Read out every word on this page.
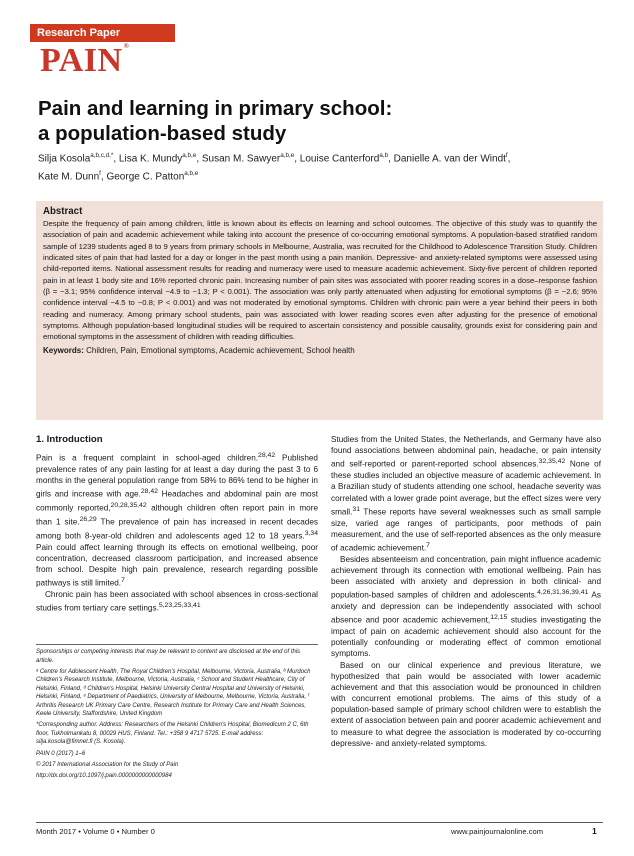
Research Paper
PAIN®
Pain and learning in primary school:
a population-based study
Silja Kosola$^{a,b,c,d,*}$, Lisa K. Mundy$^{a,b,e}$, Susan M. Sawyer$^{a,b,e}$, Louise Canterford$^{a,b}$, Danielle A. van der Windt$^f$,
Kate M. Dunn$^f$, George C. Patton$^{a,b,e}$
Abstract
Despite the frequency of pain among children, little is known about its effects on learning and school outcomes. The objective of this study was to quantify the association of pain and academic achievement while taking into account the presence of co-occurring emotional symptoms. A population-based stratified random sample of 1239 students aged 8 to 9 years from primary schools in Melbourne, Australia, was recruited for the Childhood to Adolescence Transition Study. Children indicated sites of pain that had lasted for a day or longer in the past month using a pain manikin. Depressive- and anxiety-related symptoms were assessed using child-reported items. National assessment results for reading and numeracy were used to measure academic achievement. Sixty-five percent of children reported pain in at least 1 body site and 16% reported chronic pain. Increasing number of pain sites was associated with poorer reading scores in a dose–response fashion (β = −3.1; 95% confidence interval −4.9 to −1.3; P < 0.001). The association was only partly attenuated when adjusting for emotional symptoms (β = −2.6; 95% confidence interval −4.5 to −0.8; P < 0.001) and was not moderated by emotional symptoms. Children with chronic pain were a year behind their peers in both reading and numeracy. Among primary school students, pain was associated with lower reading scores even after adjusting for the presence of emotional symptoms. Although population-based longitudinal studies will be required to ascertain consistency and possible causality, grounds exist for considering pain and emotional symptoms in the assessment of children with reading difficulties.
Keywords: Children, Pain, Emotional symptoms, Academic achievement, School health
1. Introduction

Pain is a frequent complaint in school-aged children.$^{28,42}$ Published prevalence rates of any pain lasting for at least a day during the past 3 to 6 months in the general population range from 58% to 86% tend to be higher in girls and increase with age.$^{28,42}$ Headaches and abdominal pain are most commonly reported,$^{20,28,35,42}$ although children often report pain in more than 1 site.$^{26,29}$ The prevalence of pain has increased in recent decades among both 8-year-old children and adolescents aged 12 to 18 years.$^{3,34}$ Pain could affect learning through its effects on emotional wellbeing, poor concentration, decreased classroom participation, and increased absence from school. Despite high pain prevalence, research regarding possible pathways is still limited.$^7$

Chronic pain has been associated with school absences in cross-sectional studies from tertiary care settings.$^{5,23,25,33,41}$

Sponsorships or competing interests that may be relevant to content are disclosed at the end of this article.
ᵃ Centre for Adolescent Health, The Royal Children's Hospital, Melbourne, Victoria, Australia, ᵇ Murdoch Children's Research Institute, Melbourne, Victoria, Australia, ᶜ School and Student Healthcare, City of Helsinki, Finland, ᵈ Children's Hospital, Helsinki University Central Hospital and University of Helsinki, Helsinki, Finland, ᵉ Department of Paediatrics, University of Melbourne, Melbourne, Victoria, Australia, ᶠ Arthritis Research UK Primary Care Centre, Research Institute for Primary Care and Health Sciences, Keele University, Staffordshire, United Kingdom
*Corresponding author. Address: Researchers of the Helsinki Children's Hospital, Biomedicum 2 C, 6th floor, Tukholmankatu 8, 00029 HUS, Finland. Tel.: +358 9 4717 5725. E-mail address: silja.kosola@fimnet.fi (S. Kosola).
PAIN 0 (2017) 1–6
© 2017 International Association for the Study of Pain
http://dx.doi.org/10.1097/j.pain.0000000000000984

Studies from the United States, the Netherlands, and Germany have also found associations between abdominal pain, headache, or pain intensity and self-reported or parent-reported school absences.$^{32,35,42}$ None of these studies included an objective measure of academic achievement. In a Brazilian study of students attending one school, headache severity was correlated with a lower grade point average, but the effect sizes were very small.$^{31}$ These reports have several weaknesses such as small sample size, varied age ranges of participants, poor methods of pain measurement, and the use of self-reported absences as the only measure of academic achievement.$^7$

Besides absenteeism and concentration, pain might influence academic achievement through its connection with emotional wellbeing. Pain has been associated with anxiety and depression in both clinical- and population-based samples of children and adolescents.$^{4,26,31,36,39,41}$ As anxiety and depression can be independently associated with school absence and poor academic achievement,$^{12,15}$ studies investigating the impact of pain on academic achievement should also account for the potentially confounding or moderating effect of common emotional symptoms.

Based on our clinical experience and previous literature, we hypothesized that pain would be associated with lower academic achievement and that this association would be pronounced in children with concurrent emotional problems. The aims of this study of a population-based sample of primary school children were to establish the extent of association between pain and poorer academic achievement and to measure to what degree the association is moderated by co-occurring depressive- and anxiety-related symptoms.

Month 2017 • Volume 0 • Number 0	www.painjournalonline.com	1
